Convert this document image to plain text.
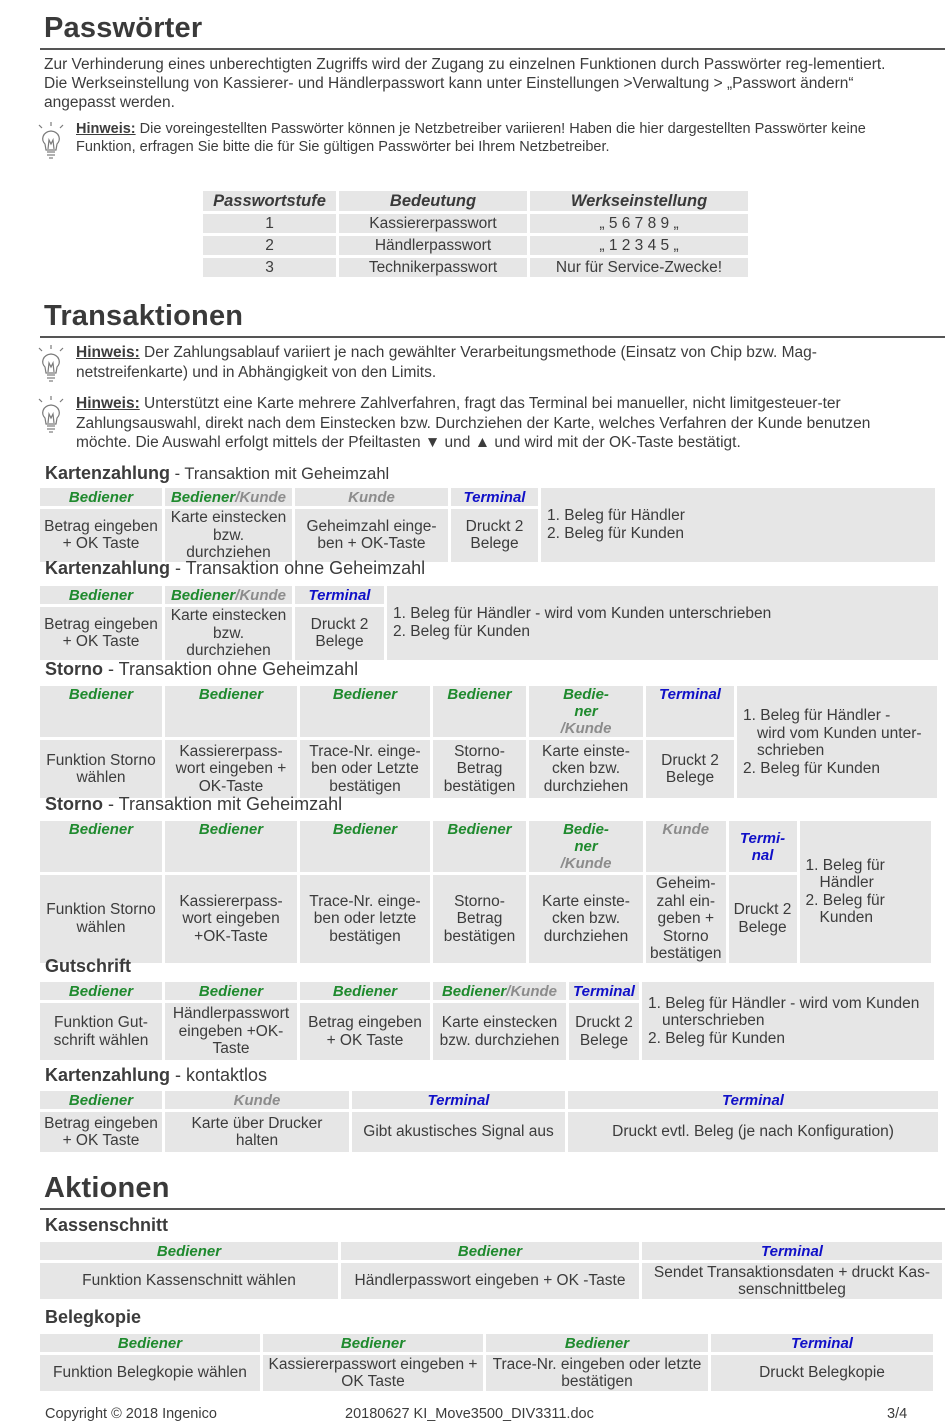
Passwörter
Zur Verhinderung eines unberechtigten Zugriffs wird der Zugang zu einzelnen Funktionen durch Passwörter reg-lementiert. Die Werkseinstellung von Kassierer- und Händlerpasswort kann unter Einstellungen >Verwaltung > „Passwort ändern“ angepasst werden.
Hinweis: Die voreingestellten Passwörter können je Netzbetreiber variieren! Haben die hier dargestellten Passwörter keine Funktion, erfragen Sie bitte die für Sie gültigen Passwörter bei Ihrem Netzbetreiber.
Passwortstufe	Bedeutung	Werkseinstellung
1	Kassiererpasswort	„ 5 6 7 8 9 „
2	Händlerpasswort	„ 1 2 3 4 5 „
3	Technikerpasswort	Nur für Service-Zwecke!
Transaktionen
Hinweis: Der Zahlungsablauf variiert je nach gewählter Verarbeitungsmethode (Einsatz von Chip bzw. Mag-netstreifenkarte) und in Abhängigkeit von den Limits.
Hinweis: Unterstützt eine Karte mehrere Zahlverfahren, fragt das Terminal bei manueller, nicht limitgesteuer-ter Zahlungsauswahl, direkt nach dem Einstecken bzw. Durchziehen der Karte, welches Verfahren der Kunde benutzen möchte. Die Auswahl erfolgt mittels der Pfeiltasten ▼ und ▲ und wird mit der OK-Taste bestätigt.
Kartenzahlung - Transaktion mit Geheimzahl
Bediener	Bediener/Kunde	Kunde	Terminal	1. Beleg für Händler
2. Beleg für Kunden

Betrag eingeben + OK Taste	Karte einstecken bzw. durchziehen	Geheimzahl einge-ben + OK-Taste	Druckt 2 Belege	
Kartenzahlung - Transaktion ohne Geheimzahl
Bediener	Bediener/Kunde	Terminal	1. Beleg für Händler - wird vom Kunden unterschrieben
2. Beleg für Kunden

Betrag eingeben + OK Taste	Karte einstecken bzw. durchziehen	Druckt 2 Belege	
Storno - Transaktion ohne Geheimzahl
Bediener	Bediener	Bediener	Bediener	Bedie-ner/Kunde	Terminal	1. Beleg für Händler -
wird vom Kunden unter-schrieben
2. Beleg für Kunden

Funktion Storno wählen	Kassiererpass-wort eingeben + OK-Taste	Trace-Nr. einge-ben oder Letzte bestätigen	Storno-Betrag bestätigen	Karte einste-cken bzw. durchziehen	Druckt 2 Belege	
Storno - Transaktion mit Geheimzahl
Bediener	Bediener	Bediener	Bediener	Bedie-ner/Kunde	Kunde	Termi-nal	1. Beleg für
Händler
2. Beleg für
Kunden

Funktion Storno wählen	Kassiererpass-wort eingeben +OK-Taste	Trace-Nr. einge-ben oder letzte bestätigen	Storno-Betrag bestätigen	Karte einste-cken bzw. durchziehen	Geheim-zahl ein-geben + Storno bestätigen	Druckt 2 Belege	
Gutschrift
Bediener	Bediener	Bediener	Bediener/Kunde	Terminal	1. Beleg für Händler - wird vom Kunden
unterschrieben
2. Beleg für Kunden

Funktion Gut-schrift wählen	Händlerpasswort eingeben +OK-Taste	Betrag eingeben + OK Taste	Karte einstecken bzw. durchziehen	Druckt 2 Belege	
Kartenzahlung - kontaktlos
Bediener	Kunde	Terminal	Terminal
Betrag eingeben + OK Taste	Karte über Drucker halten	Gibt akustisches Signal aus	Druckt evtl. Beleg (je nach Konfiguration)
Aktionen
Kassenschnitt
Bediener	Bediener	Terminal
Funktion Kassenschnitt wählen	Händlerpasswort eingeben + OK -Taste	Sendet Transaktionsdaten + druckt Kas-senschnittbeleg
Belegkopie
Bediener	Bediener	Bediener	Terminal
Funktion Belegkopie wählen	Kassiererpasswort eingeben + OK Taste	Trace-Nr. eingeben oder letzte bestätigen	Druckt Belegkopie
Copyright © 2018 Ingenico	20180627 KI_Move3500_DIV3311.doc	3/4
